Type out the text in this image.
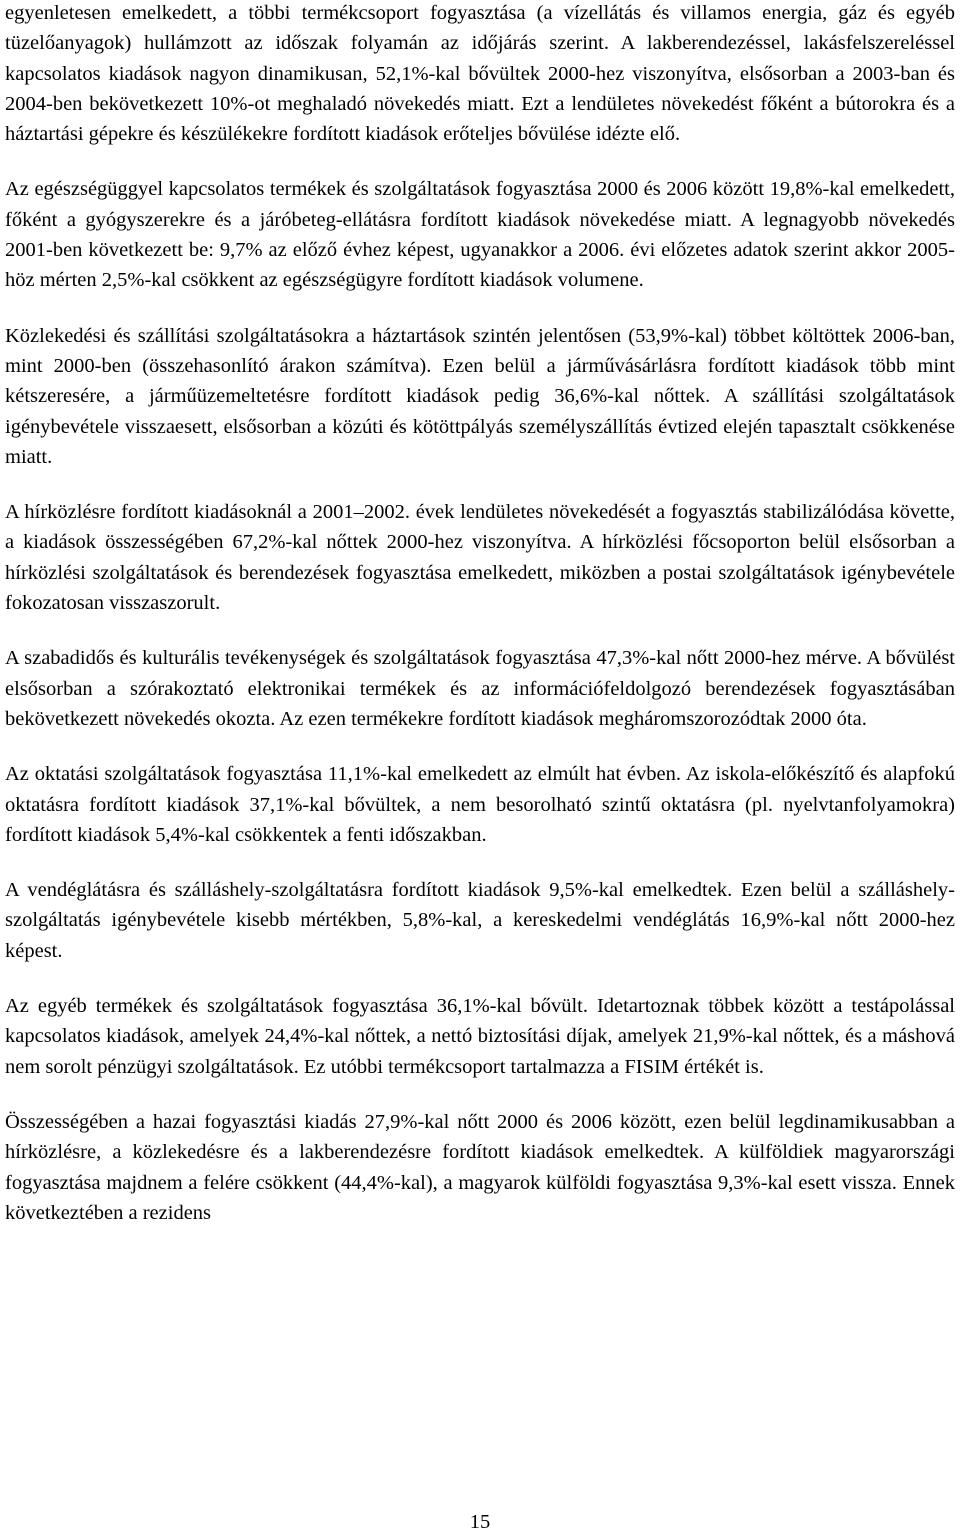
egyenletesen emelkedett, a többi termékcsoport fogyasztása (a vízellátás és villamos energia, gáz és egyéb tüzelőanyagok) hullámzott az időszak folyamán az időjárás szerint. A lakberendezéssel, lakásfelszereléssel kapcsolatos kiadások nagyon dinamikusan, 52,1%-kal bővültek 2000-hez viszonyítva, elsősorban a 2003-ban és 2004-ben bekövetkezett 10%-ot meghaladó növekedés miatt. Ezt a lendületes növekedést főként a bútorokra és a háztartási gépekre és készülékekre fordított kiadások erőteljes bővülése idézte elő.

Az egészségüggyel kapcsolatos termékek és szolgáltatások fogyasztása 2000 és 2006 között 19,8%-kal emelkedett, főként a gyógyszerekre és a járóbeteg-ellátásra fordított kiadások növekedése miatt. A legnagyobb növekedés 2001-ben következett be: 9,7% az előző évhez képest, ugyanakkor a 2006. évi előzetes adatok szerint akkor 2005-höz mérten 2,5%-kal csökkent az egészségügyre fordított kiadások volumene.

Közlekedési és szállítási szolgáltatásokra a háztartások szintén jelentősen (53,9%-kal) többet költöttek 2006-ban, mint 2000-ben (összehasonlító árakon számítva). Ezen belül a járművásárlásra fordított kiadások több mint kétszeresére, a járműüzemeltetésre fordított kiadások pedig 36,6%-kal nőttek. A szállítási szolgáltatások igénybevétele visszaesett, elsősorban a közúti és kötöttpályás személyszállítás évtized elején tapasztalt csökkenése miatt.

A hírközlésre fordított kiadásoknál a 2001–2002. évek lendületes növekedését a fogyasztás stabilizálódása követte, a kiadások összességében 67,2%-kal nőttek 2000-hez viszonyítva. A hírközlési főcsoporton belül elsősorban a hírközlési szolgáltatások és berendezések fogyasztása emelkedett, miközben a postai szolgáltatások igénybevétele fokozatosan visszaszorult.

A szabadidős és kulturális tevékenységek és szolgáltatások fogyasztása 47,3%-kal nőtt 2000-hez mérve. A bővülést elsősorban a szórakoztató elektronikai termékek és az információfeldolgozó berendezések fogyasztásában bekövetkezett növekedés okozta. Az ezen termékekre fordított kiadások megháromszorozódtak 2000 óta.

Az oktatási szolgáltatások fogyasztása 11,1%-kal emelkedett az elmúlt hat évben. Az iskola-előkészítő és alapfokú oktatásra fordított kiadások 37,1%-kal bővültek, a nem besorolható szintű oktatásra (pl. nyelvtanfolyamokra) fordított kiadások 5,4%-kal csökkentek a fenti időszakban.

A vendéglátásra és szálláshely-szolgáltatásra fordított kiadások 9,5%-kal emelkedtek. Ezen belül a szálláshely-szolgáltatás igénybevétele kisebb mértékben, 5,8%-kal, a kereskedelmi vendéglátás 16,9%-kal nőtt 2000-hez képest.

Az egyéb termékek és szolgáltatások fogyasztása 36,1%-kal bővült. Idetartoznak többek között a testápolással kapcsolatos kiadások, amelyek 24,4%-kal nőttek, a nettó biztosítási díjak, amelyek 21,9%-kal nőttek, és a máshová nem sorolt pénzügyi szolgáltatások. Ez utóbbi termékcsoport tartalmazza a FISIM értékét is.

Összességében a hazai fogyasztási kiadás 27,9%-kal nőtt 2000 és 2006 között, ezen belül legdinamikusabban a hírközlésre, a közlekedésre és a lakberendezésre fordított kiadások emelkedtek. A külföldiek magyarországi fogyasztása majdnem a felére csökkent (44,4%-kal), a magyarok külföldi fogyasztása 9,3%-kal esett vissza. Ennek következtében a rezidens

15
